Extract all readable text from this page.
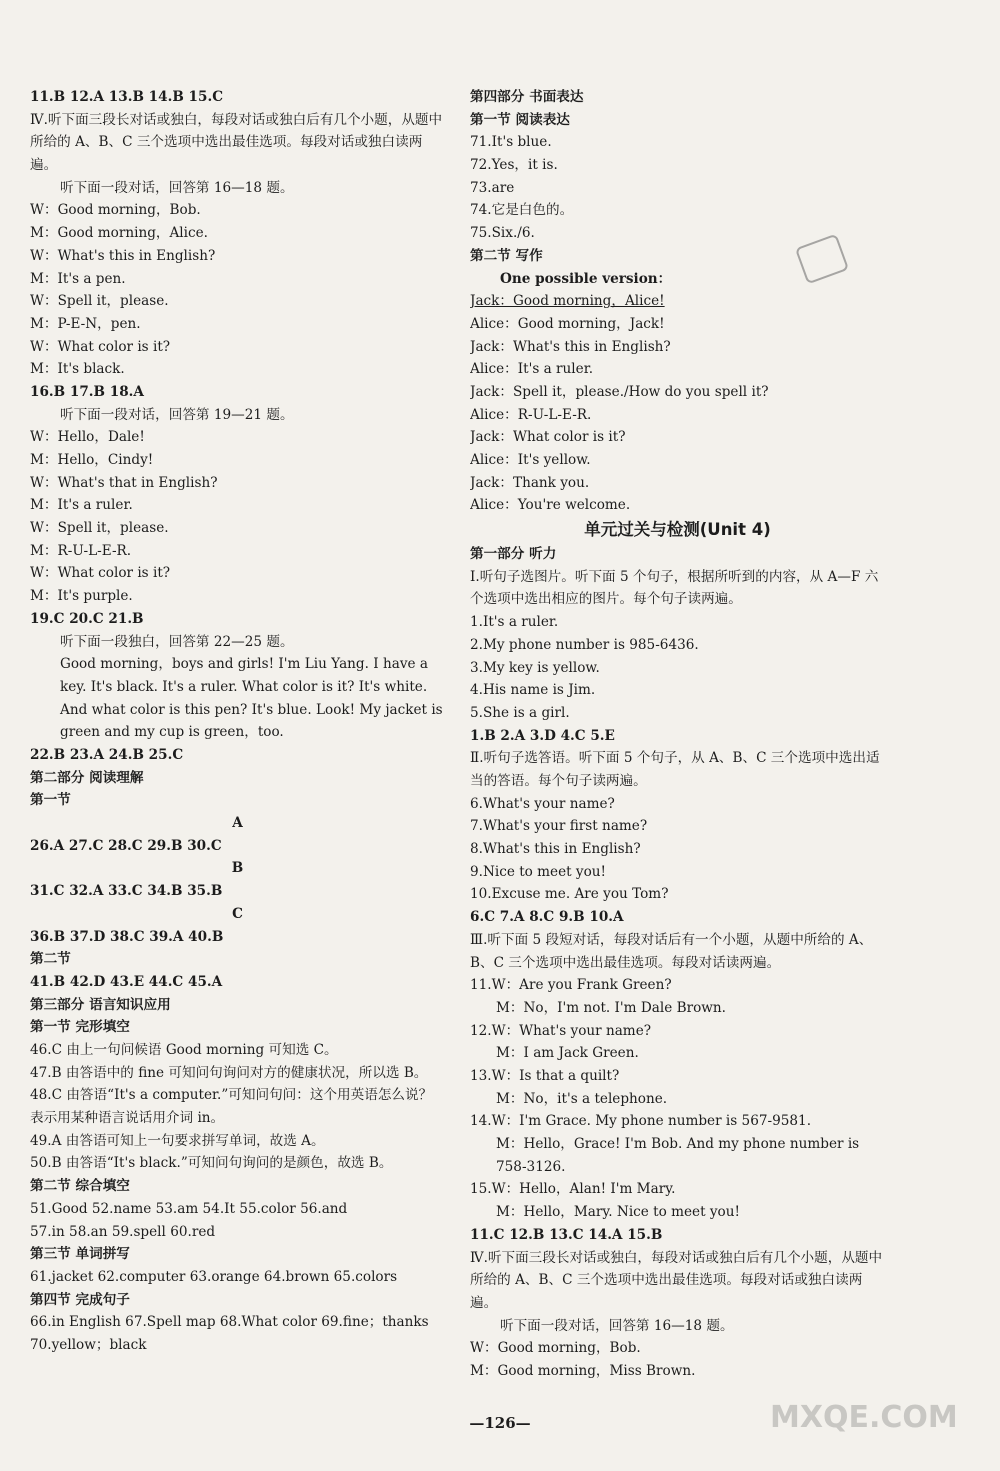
11.B 12.A 13.B 14.B 15.C
Ⅳ.听下面三段长对话或独白，每段对话或独白后有几个小题，从题中所给的 A、B、C 三个选项中选出最佳选项。每段对话或独白读两遍。
听下面一段对话，回答第 16—18 题。
W：Good morning，Bob.
M：Good morning，Alice.
W：What's this in English?
M：It's a pen.
W：Spell it，please.
M：P-E-N，pen.
W：What color is it?
M：It's black.
16.B 17.B 18.A
听下面一段对话，回答第 19—21 题。
W：Hello，Dale!
M：Hello，Cindy!
W：What's that in English?
M：It's a ruler.
W：Spell it，please.
M：R-U-L-E-R.
W：What color is it?
M：It's purple.
19.C 20.C 21.B
听下面一段独白，回答第 22—25 题。
Good morning，boys and girls! I'm Liu Yang. I have a key. It's black. It's a ruler. What color is it? It's white. And what color is this pen? It's blue. Look! My jacket is green and my cup is green，too.
22.B 23.A 24.B 25.C
第二部分 阅读理解
第一节
A
26.A 27.C 28.C 29.B 30.C
B
31.C 32.A 33.C 34.B 35.B
C
36.B 37.D 38.C 39.A 40.B
第二节
41.B 42.D 43.E 44.C 45.A
第三部分 语言知识应用
第一节 完形填空
46.C 由上一句问候语 Good morning 可知选 C。
47.B 由答语中的 fine 可知问句询问对方的健康状况，所以选 B。
48.C 由答语“It's a computer.”可知问句问：这个用英语怎么说？表示用某种语言说话用介词 in。
49.A 由答语可知上一句要求拼写单词，故选 A。
50.B 由答语“It's black.”可知问句询问的是颜色，故选 B。
第二节 综合填空
51.Good 52.name 53.am 54.It 55.color 56.and
57.in 58.an 59.spell 60.red
第三节 单词拼写
61.jacket 62.computer 63.orange 64.brown 65.colors
第四节 完成句子
66.in English 67.Spell map 68.What color 69.fine；thanks
70.yellow；black
第四部分 书面表达
第一节 阅读表达
71.It's blue.
72.Yes，it is.
73.are
74.它是白色的。
75.Six./6.
第二节 写作
One possible version：
Jack：Good morning，Alice!
Alice：Good morning，Jack!
Jack：What's this in English?
Alice：It's a ruler.
Jack：Spell it，please./How do you spell it?
Alice：R-U-L-E-R.
Jack：What color is it?
Alice：It's yellow.
Jack：Thank you.
Alice：You're welcome.
单元过关与检测(Unit 4)
第一部分 听力
Ⅰ.听句子选图片。听下面 5 个句子，根据所听到的内容，从 A—F 六个选项中选出相应的图片。每个句子读两遍。
1.It's a ruler.
2.My phone number is 985-6436.
3.My key is yellow.
4.His name is Jim.
5.She is a girl.
1.B 2.A 3.D 4.C 5.E
Ⅱ.听句子选答语。听下面 5 个句子，从 A、B、C 三个选项中选出适当的答语。每个句子读两遍。
6.What's your name?
7.What's your first name?
8.What's this in English?
9.Nice to meet you!
10.Excuse me. Are you Tom?
6.C 7.A 8.C 9.B 10.A
Ⅲ.听下面 5 段短对话，每段对话后有一个小题，从题中所给的 A、B、C 三个选项中选出最佳选项。每段对话读两遍。
11.W：Are you Frank Green?
M：No，I'm not. I'm Dale Brown.
12.W：What's your name?
M：I am Jack Green.
13.W：Is that a quilt?
M：No，it's a telephone.
14.W：I'm Grace. My phone number is 567-9581.
M：Hello，Grace! I'm Bob. And my phone number is 758-3126.
15.W：Hello，Alan! I'm Mary.
M：Hello，Mary. Nice to meet you!
11.C 12.B 13.C 14.A 15.B
Ⅳ.听下面三段长对话或独白，每段对话或独白后有几个小题，从题中所给的 A、B、C 三个选项中选出最佳选项。每段对话或独白读两遍。
听下面一段对话，回答第 16—18 题。
W：Good morning，Bob.
M：Good morning，Miss Brown.
—126—	MXQE.COM
